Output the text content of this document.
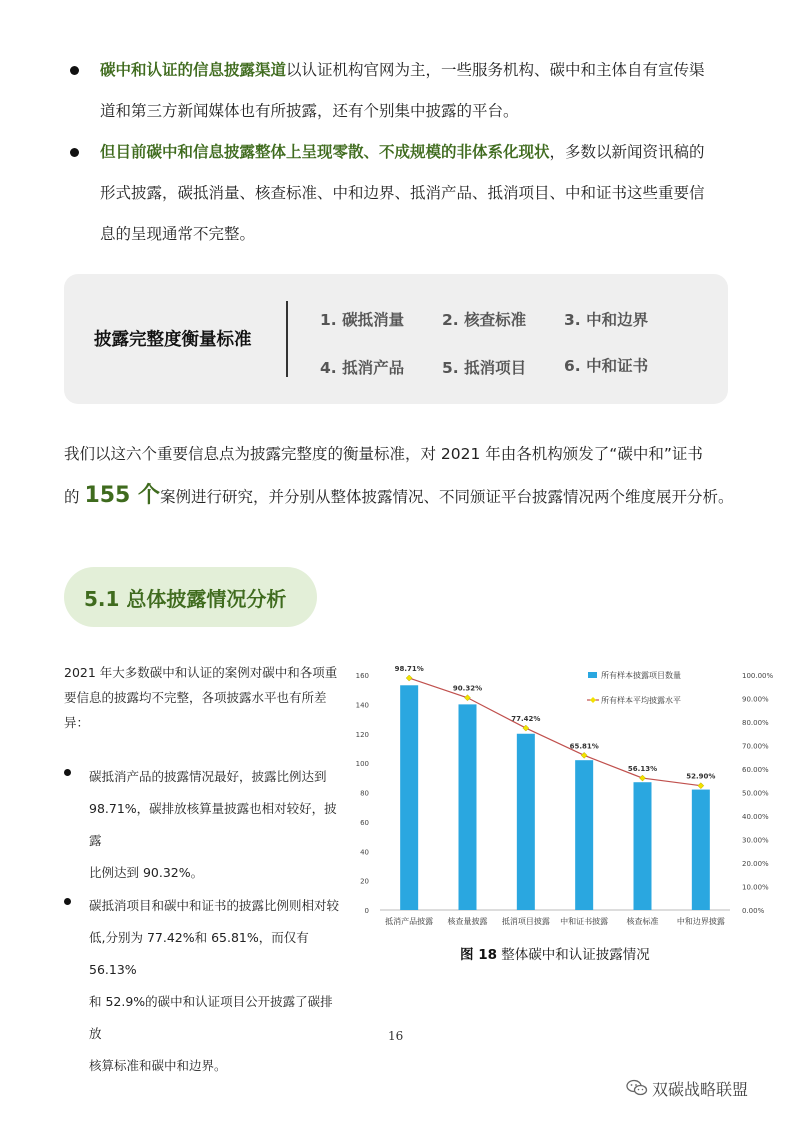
碳中和认证的信息披露渠道以认证机构官网为主，一些服务机构、碳中和主体自有宣传渠

道和第三方新闻媒体也有所披露，还有个别集中披露的平台。

但目前碳中和信息披露整体上呈现零散、不成规模的非体系化现状，多数以新闻资讯稿的

形式披露，碳抵消量、核查标准、中和边界、抵消产品、抵消项目、中和证书这些重要信

息的呈现通常不完整。

披露完整度衡量标准
1. 碳抵消量 2. 核查标准 3. 中和边界
4. 抵消产品 5. 抵消项目 6. 中和证书

我们以这六个重要信息点为披露完整度的衡量标准，对 2021 年由各机构颁发了“碳中和”证书

的 155 个案例进行研究，并分别从整体披露情况、不同颁证平台披露情况两个维度展开分析。

5.1 总体披露情况分析

2021 年大多数碳中和认证的案例对碳中和各项重

要信息的披露均不完整，各项披露水平也有所差异：

碳抵消产品的披露情况最好，披露比例达到

98.71%，碳排放核算量披露也相对较好，披露

比例达到 90.32%。

碳抵消项目和碳中和证书的披露比例则相对较

低,分别为 77.42%和 65.81%，而仅有 56.13%

和 52.9%的碳中和认证项目公开披露了碳排放

核算标准和碳中和边界。

0
20
40
60
80
100
120
140
160
0.00%
10.00%
20.00%
30.00%
40.00%
50.00%
60.00%
70.00%
80.00%
90.00%
100.00%
抵消产品披露 核查量披露 抵消项目披露 中和证书披露 核查标准 中和边界披露
98.71%
90.32%
77.42%
65.81%
56.13%
52.90%
所有样本披露项目数量
所有样本平均披露水平
图 18 整体碳中和认证披露情况
16
双碳战略联盟
